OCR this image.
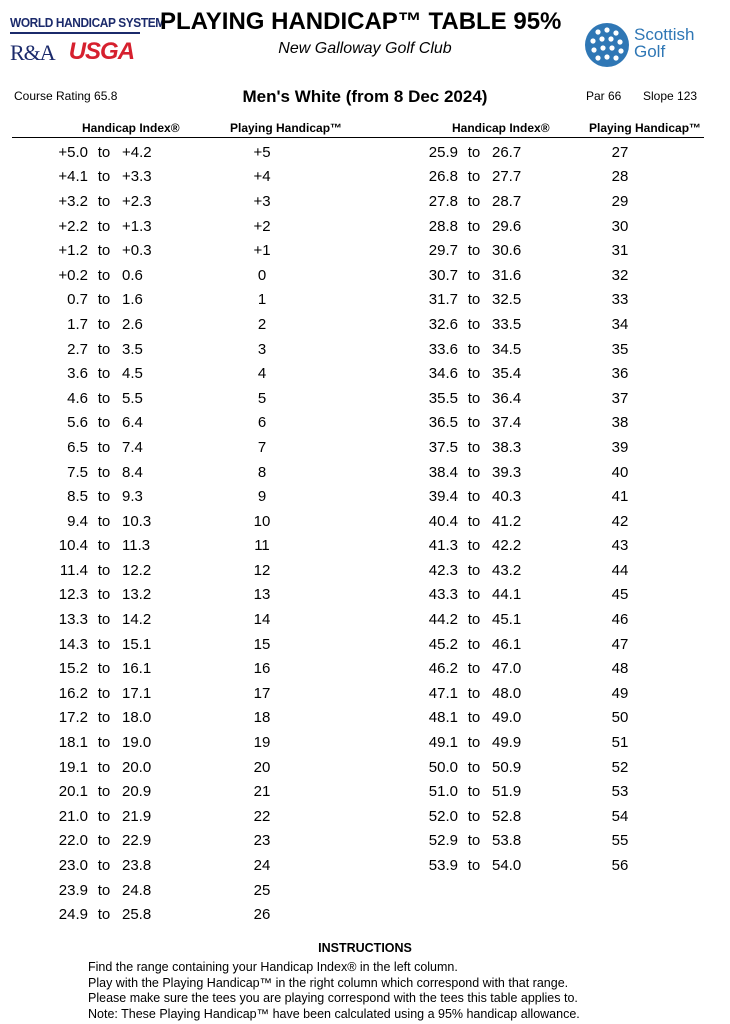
WORLD HANDICAP SYSTEM
R&A USGA
PLAYING HANDICAP™ TABLE 95%
New Galloway Golf Club
Scottish
Golf
Course Rating 65.8	Men's White (from 8 Dec 2024)	Par 66 Slope 123
Handicap Index®	Playing Handicap™	Handicap Index®	Playing Handicap™
+5.0 to +4.2	+5
+4.1 to +3.3	+4
+3.2 to +2.3	+3
+2.2 to +1.3	+2
+1.2 to +0.3	+1
+0.2 to 0.6	0
0.7 to 1.6	1
1.7 to 2.6	2
2.7 to 3.5	3
3.6 to 4.5	4
4.6 to 5.5	5
5.6 to 6.4	6
6.5 to 7.4	7
7.5 to 8.4	8
8.5 to 9.3	9
9.4 to 10.3	10
10.4 to 11.3	11
11.4 to 12.2	12
12.3 to 13.2	13
13.3 to 14.2	14
14.3 to 15.1	15
15.2 to 16.1	16
16.2 to 17.1	17
17.2 to 18.0	18
18.1 to 19.0	19
19.1 to 20.0	20
20.1 to 20.9	21
21.0 to 21.9	22
22.0 to 22.9	23
23.0 to 23.8	24
23.9 to 24.8	25
24.9 to 25.8	26
25.9 to 26.7	27
26.8 to 27.7	28
27.8 to 28.7	29
28.8 to 29.6	30
29.7 to 30.6	31
30.7 to 31.6	32
31.7 to 32.5	33
32.6 to 33.5	34
33.6 to 34.5	35
34.6 to 35.4	36
35.5 to 36.4	37
36.5 to 37.4	38
37.5 to 38.3	39
38.4 to 39.3	40
39.4 to 40.3	41
40.4 to 41.2	42
41.3 to 42.2	43
42.3 to 43.2	44
43.3 to 44.1	45
44.2 to 45.1	46
45.2 to 46.1	47
46.2 to 47.0	48
47.1 to 48.0	49
48.1 to 49.0	50
49.1 to 49.9	51
50.0 to 50.9	52
51.0 to 51.9	53
52.0 to 52.8	54
52.9 to 53.8	55
53.9 to 54.0	56
INSTRUCTIONS
Find the range containing your Handicap Index® in the left column.
Play with the Playing Handicap™ in the right column which correspond with that range.
Please make sure the tees you are playing correspond with the tees this table applies to.
Note: These Playing Handicap™ have been calculated using a 95% handicap allowance.
